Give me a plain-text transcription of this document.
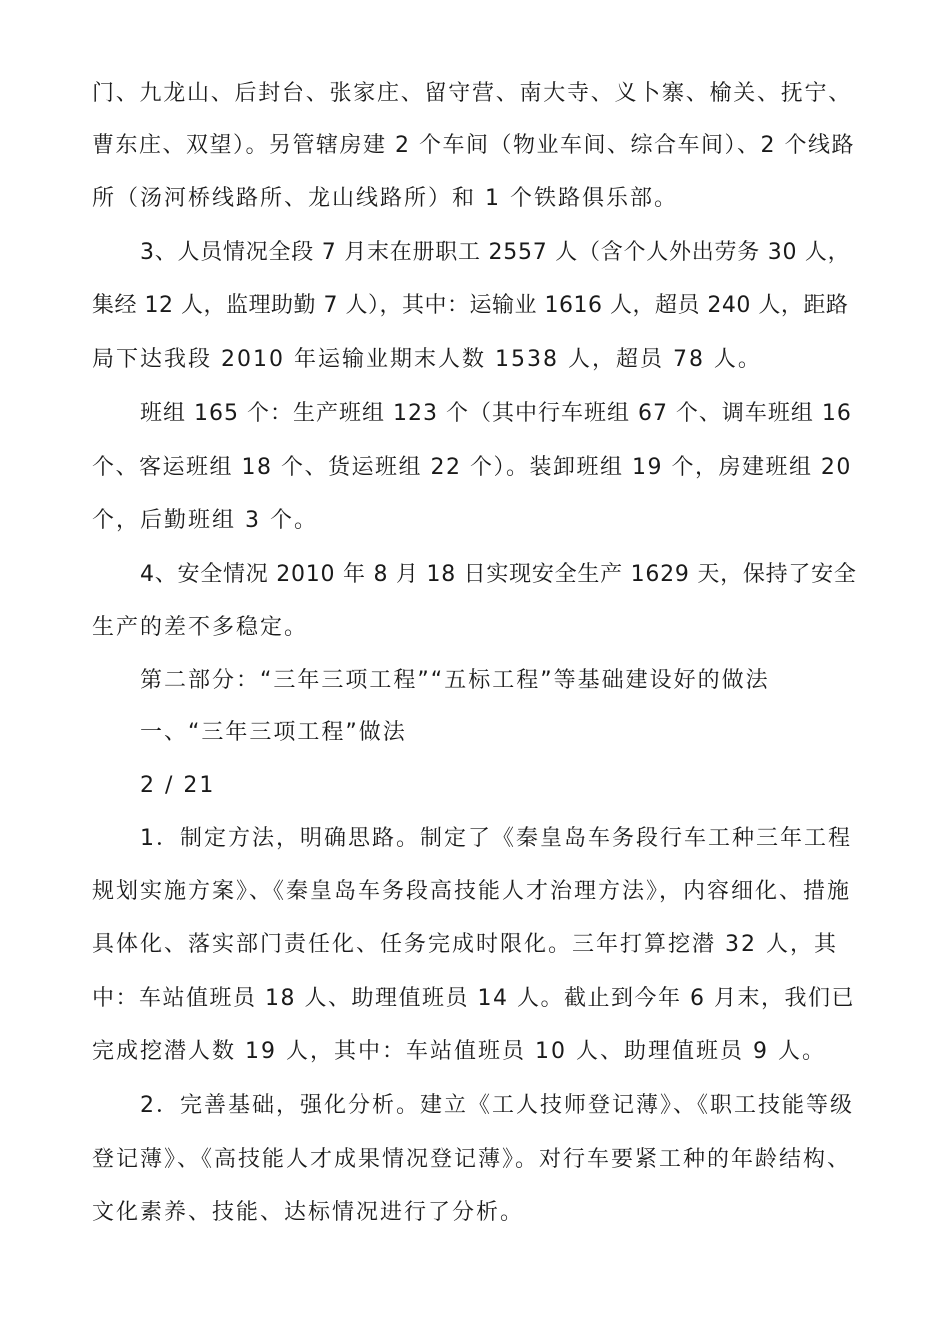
门、九龙山、后封台、张家庄、留守营、南大寺、义卜寨、榆关、抚宁、
曹东庄、双望）。另管辖房建 2 个车间（物业车间、综合车间）、2 个线路
所（汤河桥线路所、龙山线路所）和 1 个铁路俱乐部。
3、人员情况全段 7 月末在册职工 2557 人（含个人外出劳务 30 人，
集经 12 人，监理助勤 7 人），其中：运输业 1616 人，超员 240 人，距路
局下达我段 2010 年运输业期末人数 1538 人，超员 78 人。
班组 165 个：生产班组 123 个（其中行车班组 67 个、调车班组 16
个、客运班组 18 个、货运班组 22 个）。装卸班组 19 个，房建班组 20
个，后勤班组 3 个。
4、安全情况 2010 年 8 月 18 日实现安全生产 1629 天，保持了安全
生产的差不多稳定。
第二部分：“三年三项工程”“五标工程”等基础建设好的做法
一、“三年三项工程”做法
2 / 21
1．制定方法，明确思路。制定了《秦皇岛车务段行车工种三年工程
规划实施方案》、《秦皇岛车务段高技能人才治理方法》，内容细化、措施
具体化、落实部门责任化、任务完成时限化。三年打算挖潜 32 人，其
中：车站值班员 18 人、助理值班员 14 人。截止到今年 6 月末，我们已
完成挖潜人数 19 人，其中：车站值班员 10 人、助理值班员 9 人。
2．完善基础，强化分析。建立《工人技师登记薄》、《职工技能等级
登记薄》、《高技能人才成果情况登记薄》。对行车要紧工种的年龄结构、
文化素养、技能、达标情况进行了分析。
